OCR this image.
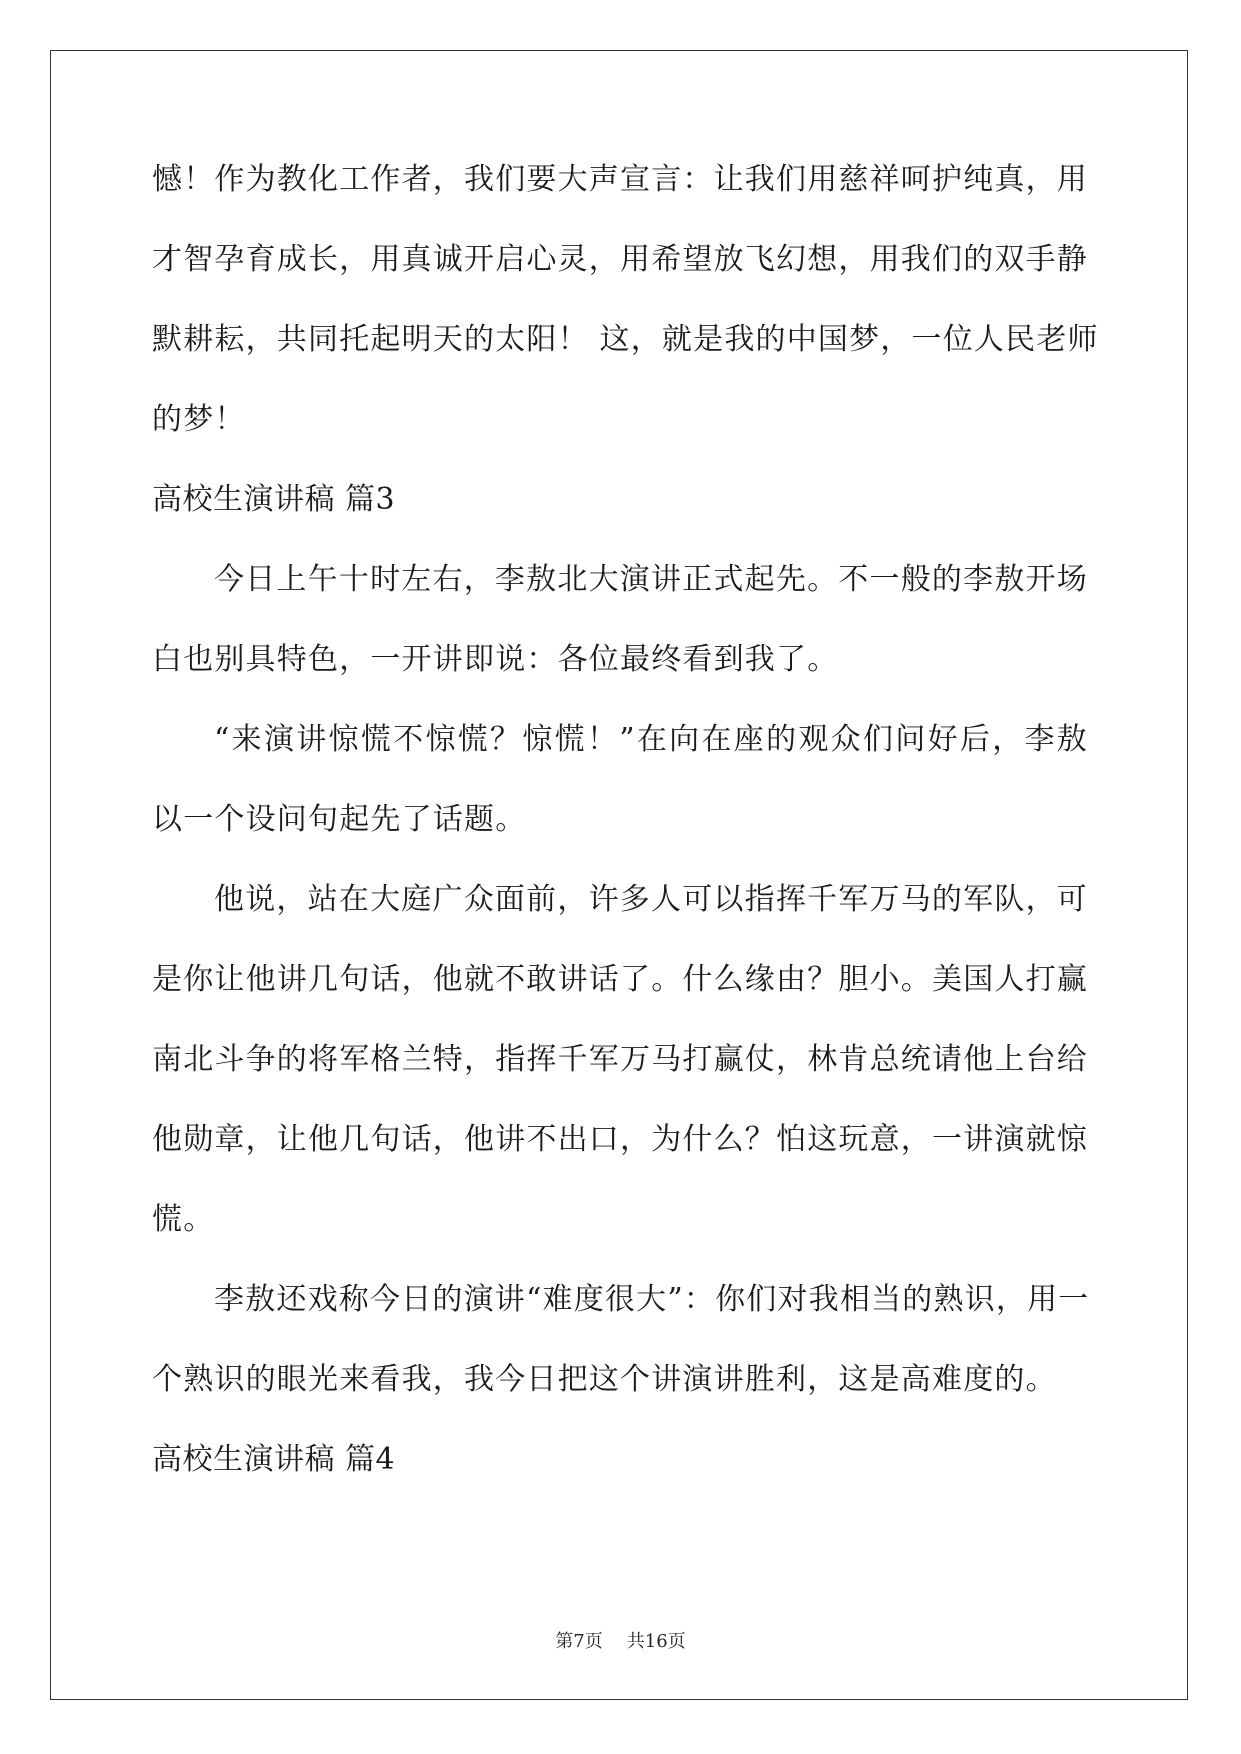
憾！作为教化工作者，我们要大声宣言：让我们用慈祥呵护纯真，用
才智孕育成长，用真诚开启心灵，用希望放飞幻想，用我们的双手静
默耕耘，共同托起明天的太阳！ 这，就是我的中国梦，一位人民老师
的梦！
高校生演讲稿 篇3
今日上午十时左右，李敖北大演讲正式起先。不一般的李敖开场
白也别具特色，一开讲即说：各位最终看到我了。
“来演讲惊慌不惊慌？惊慌！”在向在座的观众们问好后，李敖
以一个设问句起先了话题。
他说，站在大庭广众面前，许多人可以指挥千军万马的军队，可
是你让他讲几句话，他就不敢讲话了。什么缘由？胆小。美国人打赢
南北斗争的将军格兰特，指挥千军万马打赢仗，林肯总统请他上台给
他勋章，让他几句话，他讲不出口，为什么？怕这玩意，一讲演就惊
慌。
李敖还戏称今日的演讲“难度很大”：你们对我相当的熟识，用一
个熟识的眼光来看我，我今日把这个讲演讲胜利，这是高难度的。
高校生演讲稿 篇4
第7页 共16页
